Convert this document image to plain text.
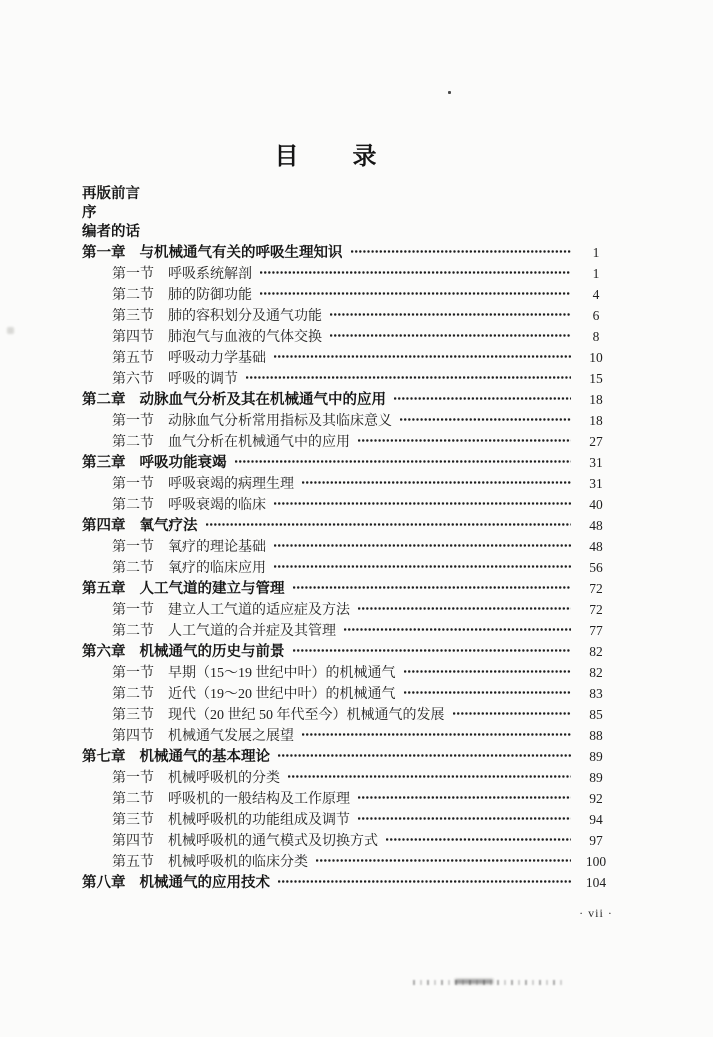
目　　录
再版前言
序
编者的话
第一章 与机械通气有关的呼吸生理知识	1
第一节 呼吸系统解剖	1
第二节 肺的防御功能	4
第三节 肺的容积划分及通气功能	6
第四节 肺泡气与血液的气体交换	8
第五节 呼吸动力学基础	10
第六节 呼吸的调节	15
第二章 动脉血气分析及其在机械通气中的应用	18
第一节 动脉血气分析常用指标及其临床意义	18
第二节 血气分析在机械通气中的应用	27
第三章 呼吸功能衰竭	31
第一节 呼吸衰竭的病理生理	31
第二节 呼吸衰竭的临床	40
第四章 氧气疗法	48
第一节 氧疗的理论基础	48
第二节 氧疗的临床应用	56
第五章 人工气道的建立与管理	72
第一节 建立人工气道的适应症及方法	72
第二节 人工气道的合并症及其管理	77
第六章 机械通气的历史与前景	82
第一节 早期（15～19 世纪中叶）的机械通气	82
第二节 近代（19～20 世纪中叶）的机械通气	83
第三节 现代（20 世纪 50 年代至今）机械通气的发展	85
第四节 机械通气发展之展望	88
第七章 机械通气的基本理论	89
第一节 机械呼吸机的分类	89
第二节 呼吸机的一般结构及工作原理	92
第三节 机械呼吸机的功能组成及调节	94
第四节 机械呼吸机的通气模式及切换方式	97
第五节 机械呼吸机的临床分类	100
第八章 机械通气的应用技术	104
· vii ·
